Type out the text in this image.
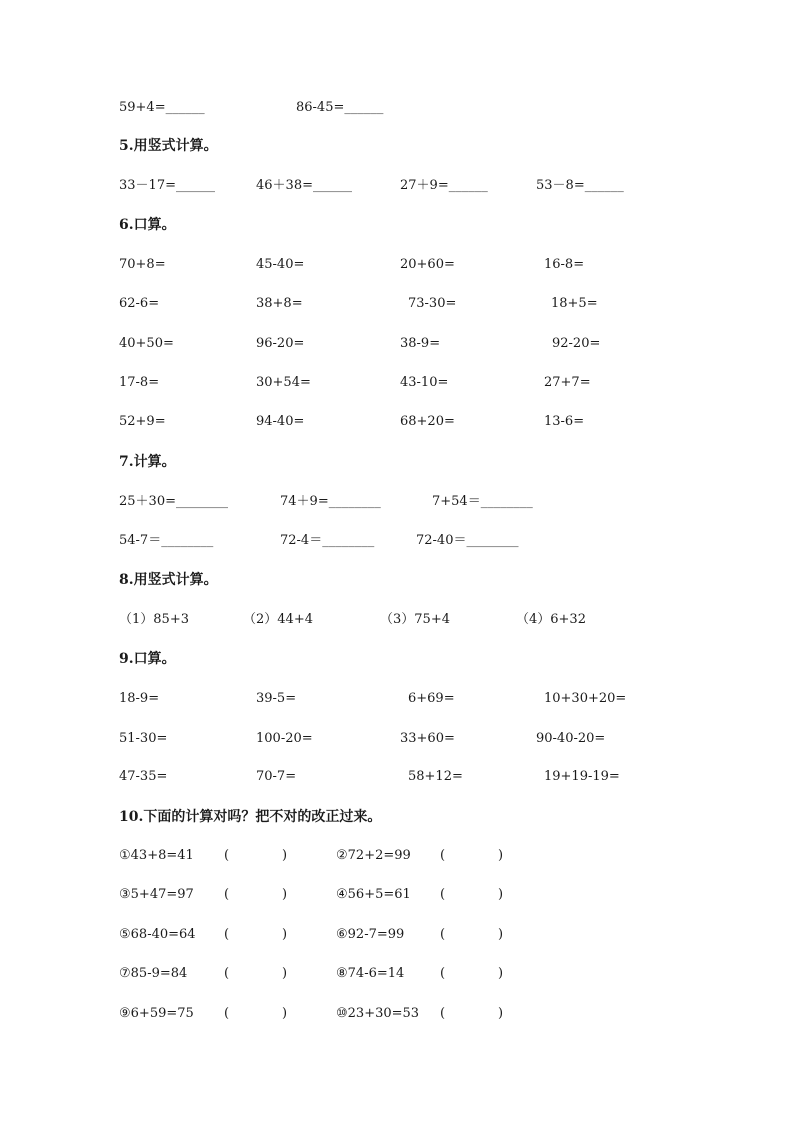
59+4=______	86-45=______
5.用竖式计算。
33－17=______	46＋38=______	27＋9=______	53－8=______
6.口算。
70+8=	45-40=	20+60=	16-8=
62-6=	38+8=	73-30=	18+5=
40+50=	96-20=	38-9=	92-20=
17-8=	30+54=	43-10=	27+7=
52+9=	94-40=	68+20=	13-6=
7.计算。
25＋30=________	74＋9=________	7+54＝________
54-7＝________	72-4＝________	72-40＝________
8.用竖式计算。
（1）85+3	（2）44+4	（3）75+4	（4）6+32
9.口算。
18-9=	39-5=	6+69=	10+30+20=
51-30=	100-20=	33+60=	90-40-20=
47-35=	70-7=	58+12=	19+19-19=
10.下面的计算对吗？把不对的改正过来。
①43+8=41 (	)	②72+2=99 (	)
③5+47=97 (	)	④56+5=61 (	)
⑤68-40=64 (	)	⑥92-7=99	(	)
⑦85-9=84	(	)	⑧74-6=14	(	)
⑨6+59=75 (	)	⑩23+30=53 (	)
